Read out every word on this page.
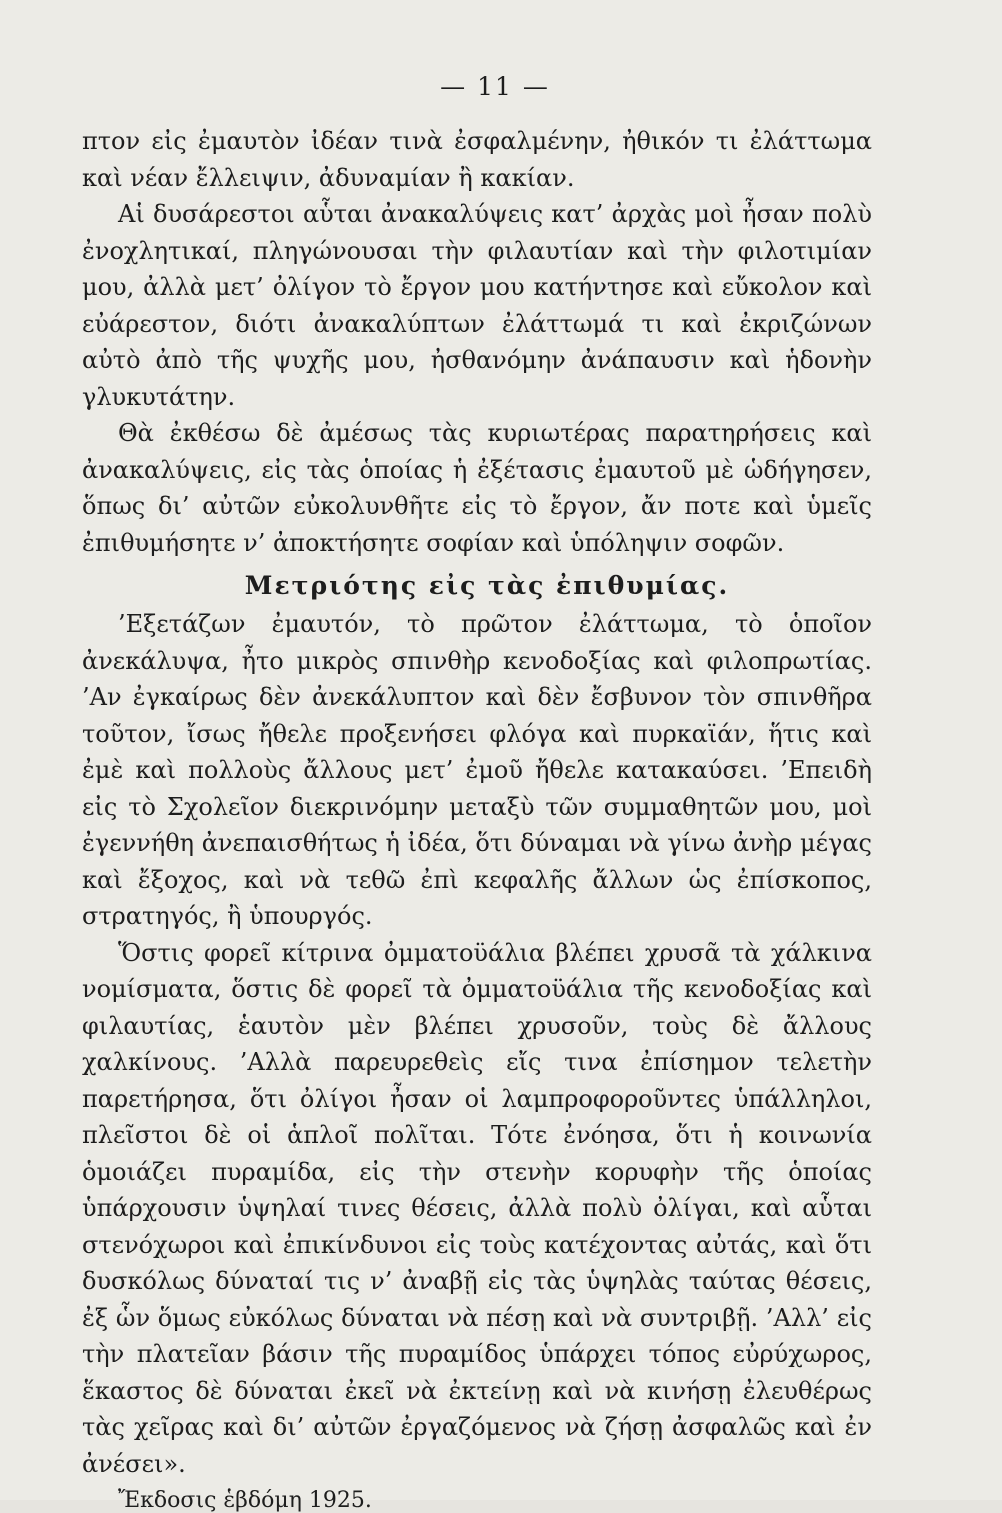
— 11 —

πτον εἰς ἐμαυτὸν ἰδέαν τινὰ ἐσφαλμένην, ἠθικόν τι ἐλάττωμα καὶ νέαν ἔλλειψιν, ἀδυναμίαν ἢ κακίαν.

Αἱ δυσάρεστοι αὗται ἀνακαλύψεις κατ’ ἀρχὰς μοὶ ἦσαν πολὺ ἐνοχλητικαί, πληγώνουσαι τὴν φιλαυτίαν καὶ τὴν φιλοτιμίαν μου, ἀλλὰ μετ’ ὀλίγον τὸ ἔργον μου κατήντησε καὶ εὔκολον καὶ εὐάρεστον, διότι ἀνακαλύπτων ἐλάττωμά τι καὶ ἐκριζώνων αὐτὸ ἀπὸ τῆς ψυχῆς μου, ἠσθανόμην ἀνάπαυσιν καὶ ἡδονὴν γλυκυτάτην.

Θὰ ἐκθέσω δὲ ἀμέσως τὰς κυριωτέρας παρατηρήσεις καὶ ἀνακαλύψεις, εἰς τὰς ὁποίας ἡ ἐξέτασις ἐμαυτοῦ μὲ ὡδήγησεν, ὅπως δι’ αὐτῶν εὐκολυνθῆτε εἰς τὸ ἔργον, ἄν ποτε καὶ ὑμεῖς ἐπιθυμήσητε ν’ ἀποκτήσητε σοφίαν καὶ ὑπόληψιν σοφῶν.

Μετριότης εἰς τὰς ἐπιθυμίας.

’Εξετάζων ἐμαυτόν, τὸ πρῶτον ἐλάττωμα, τὸ ὁποῖον ἀνεκάλυψα, ἦτο μικρὸς σπινθὴρ κενοδοξίας καὶ φιλοπρωτίας. ’Αν ἐγκαίρως δὲν ἀνεκάλυπτον καὶ δὲν ἔσβυνον τὸν σπινθῆρα τοῦτον, ἴσως ἤθελε προξενήσει φλόγα καὶ πυρκαϊάν, ἥτις καὶ ἐμὲ καὶ πολλοὺς ἄλλους μετ’ ἐμοῦ ἤθελε κατακαύσει. ’Επειδὴ εἰς τὸ Σχολεῖον διεκρινόμην μεταξὺ τῶν συμμαθητῶν μου, μοὶ ἐγεννήθη ἀνεπαισθήτως ἡ ἰδέα, ὅτι δύναμαι νὰ γίνω ἀνὴρ μέγας καὶ ἔξοχος, καὶ νὰ τεθῶ ἐπὶ κεφαλῆς ἄλλων ὡς ἐπίσκοπος, στρατηγός, ἢ ὑπουργός.

Ὅστις φορεῖ κίτρινα ὀμματοϋάλια βλέπει χρυσᾶ τὰ χάλκινα νομίσματα, ὅστις δὲ φορεῖ τὰ ὀμματοϋάλια τῆς κενοδοξίας καὶ φιλαυτίας, ἑαυτὸν μὲν βλέπει χρυσοῦν, τοὺς δὲ ἄλλους χαλκίνους. ’Αλλὰ παρευρεθεὶς εἴς τινα ἐπίσημον τελετὴν παρετήρησα, ὅτι ὀλίγοι ἦσαν οἱ λαμπροφοροῦντες ὑπάλληλοι, πλεῖστοι δὲ οἱ ἁπλοῖ πολῖται. Τότε ἐνόησα, ὅτι ἡ κοινωνία ὁμοιάζει πυραμίδα, εἰς τὴν στενὴν κορυφὴν τῆς ὁποίας ὑπάρχουσιν ὑψηλαί τινες θέσεις, ἀλλὰ πολὺ ὀλίγαι, καὶ αὗται στενόχωροι καὶ ἐπικίνδυνοι εἰς τοὺς κατέχοντας αὐτάς, καὶ ὅτι δυσκόλως δύναταί τις ν’ ἀναβῇ εἰς τὰς ὑψηλὰς ταύτας θέσεις, ἐξ ὧν ὅμως εὐκόλως δύναται νὰ πέσῃ καὶ νὰ συντριβῇ. ’Αλλ’ εἰς τὴν πλατεῖαν βάσιν τῆς πυραμίδος ὑπάρχει τόπος εὐρύχωρος, ἕκαστος δὲ δύναται ἐκεῖ νὰ ἐκτείνῃ καὶ νὰ κινήσῃ ἐλευθέρως τὰς χεῖρας καὶ δι’ αὐτῶν ἐργαζόμενος νὰ ζήσῃ ἀσφαλῶς καὶ ἐν ἀνέσει».

Ἔκδοσις ἑβδόμη 1925.
